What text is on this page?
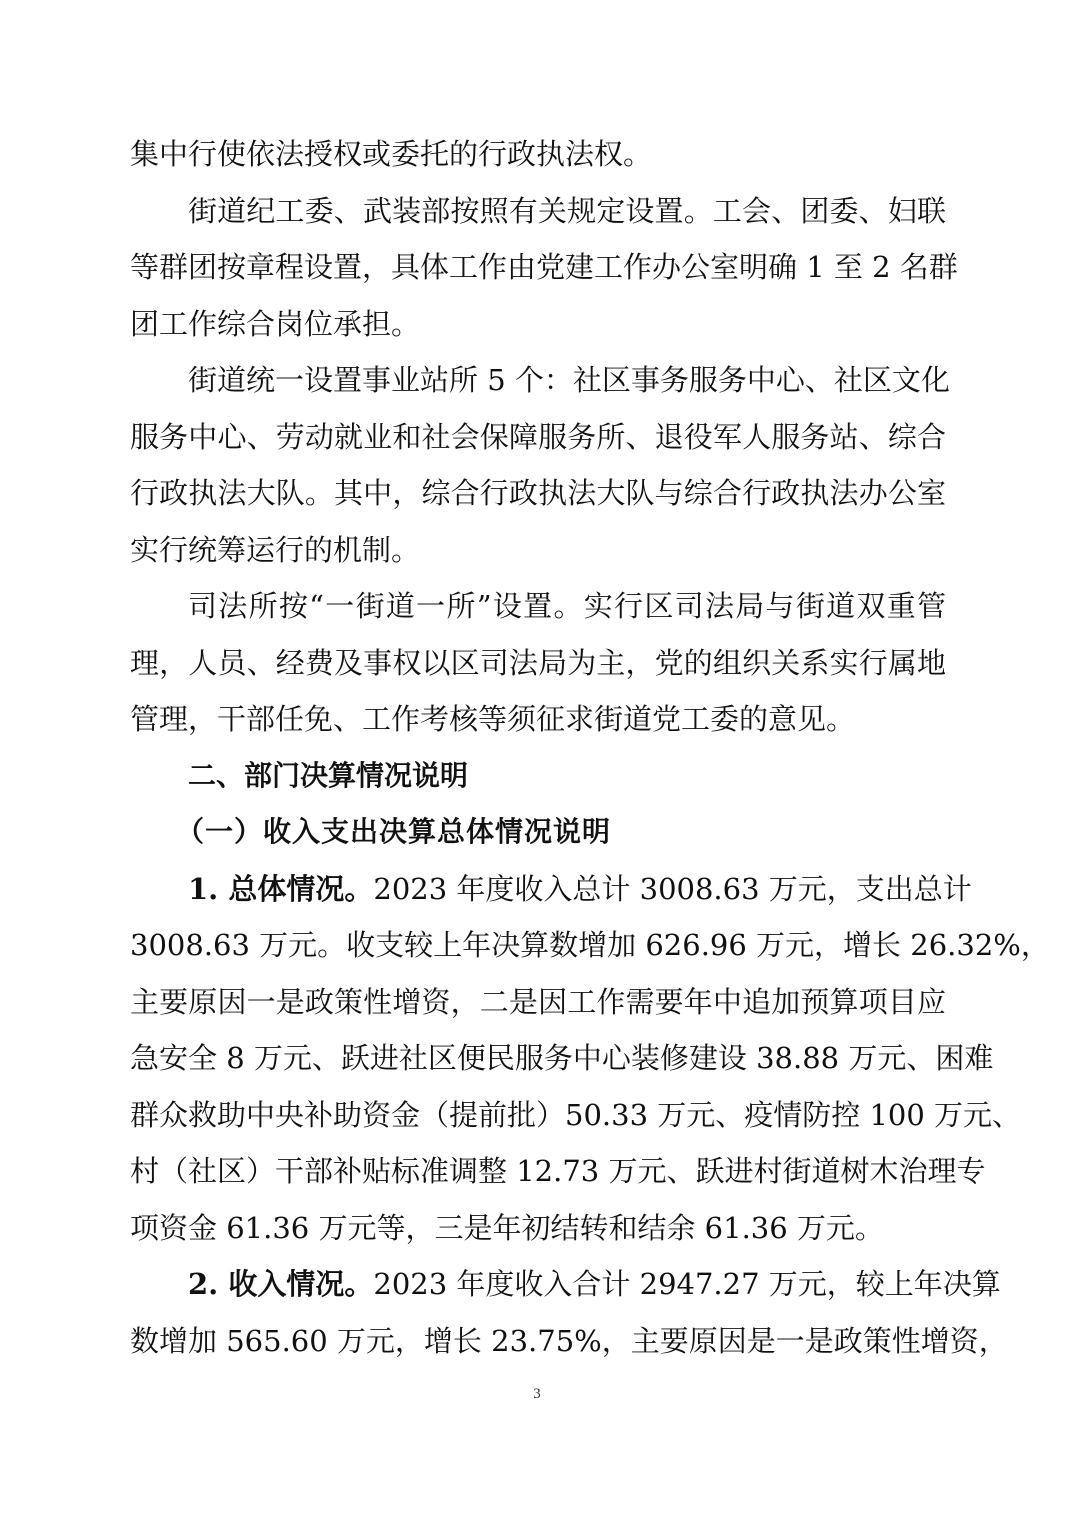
集中行使依法授权或委托的行政执法权。
街道纪工委、武装部按照有关规定设置。工会、团委、妇联
等群团按章程设置，具体工作由党建工作办公室明确 1 至 2 名群
团工作综合岗位承担。
街道统一设置事业站所 5 个：社区事务服务中心、社区文化
服务中心、劳动就业和社会保障服务所、退役军人服务站、综合
行政执法大队。其中，综合行政执法大队与综合行政执法办公室
实行统筹运行的机制。
司法所按“一街道一所”设置。实行区司法局与街道双重管
理，人员、经费及事权以区司法局为主，党的组织关系实行属地
管理，干部任免、工作考核等须征求街道党工委的意见。
二、部门决算情况说明
（一）收入支出决算总体情况说明
1. 总体情况。2023 年度收入总计 3008.63 万元，支出总计
3008.63 万元。收支较上年决算数增加 626.96 万元，增长 26.32%，
主要原因一是政策性增资，二是因工作需要年中追加预算项目应
急安全 8 万元、跃进社区便民服务中心装修建设 38.88 万元、困难
群众救助中央补助资金（提前批）50.33 万元、疫情防控 100 万元、
村（社区）干部补贴标准调整 12.73 万元、跃进村街道树木治理专
项资金 61.36 万元等，三是年初结转和结余 61.36 万元。
2. 收入情况。2023 年度收入合计 2947.27 万元，较上年决算
数增加 565.60 万元，增长 23.75%，主要原因是一是政策性增资，
3
